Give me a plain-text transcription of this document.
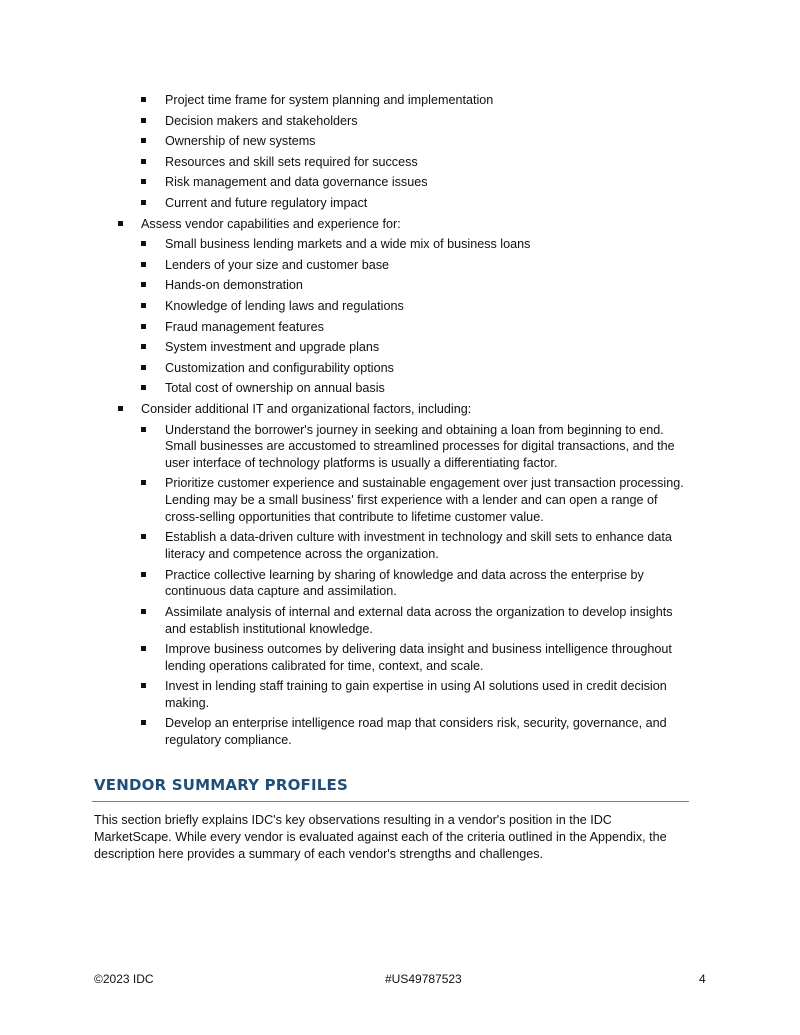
Project time frame for system planning and implementation
Decision makers and stakeholders
Ownership of new systems
Resources and skill sets required for success
Risk management and data governance issues
Current and future regulatory impact
Assess vendor capabilities and experience for:
Small business lending markets and a wide mix of business loans
Lenders of your size and customer base
Hands-on demonstration
Knowledge of lending laws and regulations
Fraud management features
System investment and upgrade plans
Customization and configurability options
Total cost of ownership on annual basis
Consider additional IT and organizational factors, including:
Understand the borrower's journey in seeking and obtaining a loan from beginning to end. Small businesses are accustomed to streamlined processes for digital transactions, and the user interface of technology platforms is usually a differentiating factor.
Prioritize customer experience and sustainable engagement over just transaction processing. Lending may be a small business' first experience with a lender and can open a range of cross-selling opportunities that contribute to lifetime customer value.
Establish a data-driven culture with investment in technology and skill sets to enhance data literacy and competence across the organization.
Practice collective learning by sharing of knowledge and data across the enterprise by continuous data capture and assimilation.
Assimilate analysis of internal and external data across the organization to develop insights and establish institutional knowledge.
Improve business outcomes by delivering data insight and business intelligence throughout lending operations calibrated for time, context, and scale.
Invest in lending staff training to gain expertise in using AI solutions used in credit decision making.
Develop an enterprise intelligence road map that considers risk, security, governance, and regulatory compliance.
VENDOR SUMMARY PROFILES

This section briefly explains IDC's key observations resulting in a vendor's position in the IDC MarketScape. While every vendor is evaluated against each of the criteria outlined in the Appendix, the description here provides a summary of each vendor's strengths and challenges.

©2023 IDC	#US49787523	4
